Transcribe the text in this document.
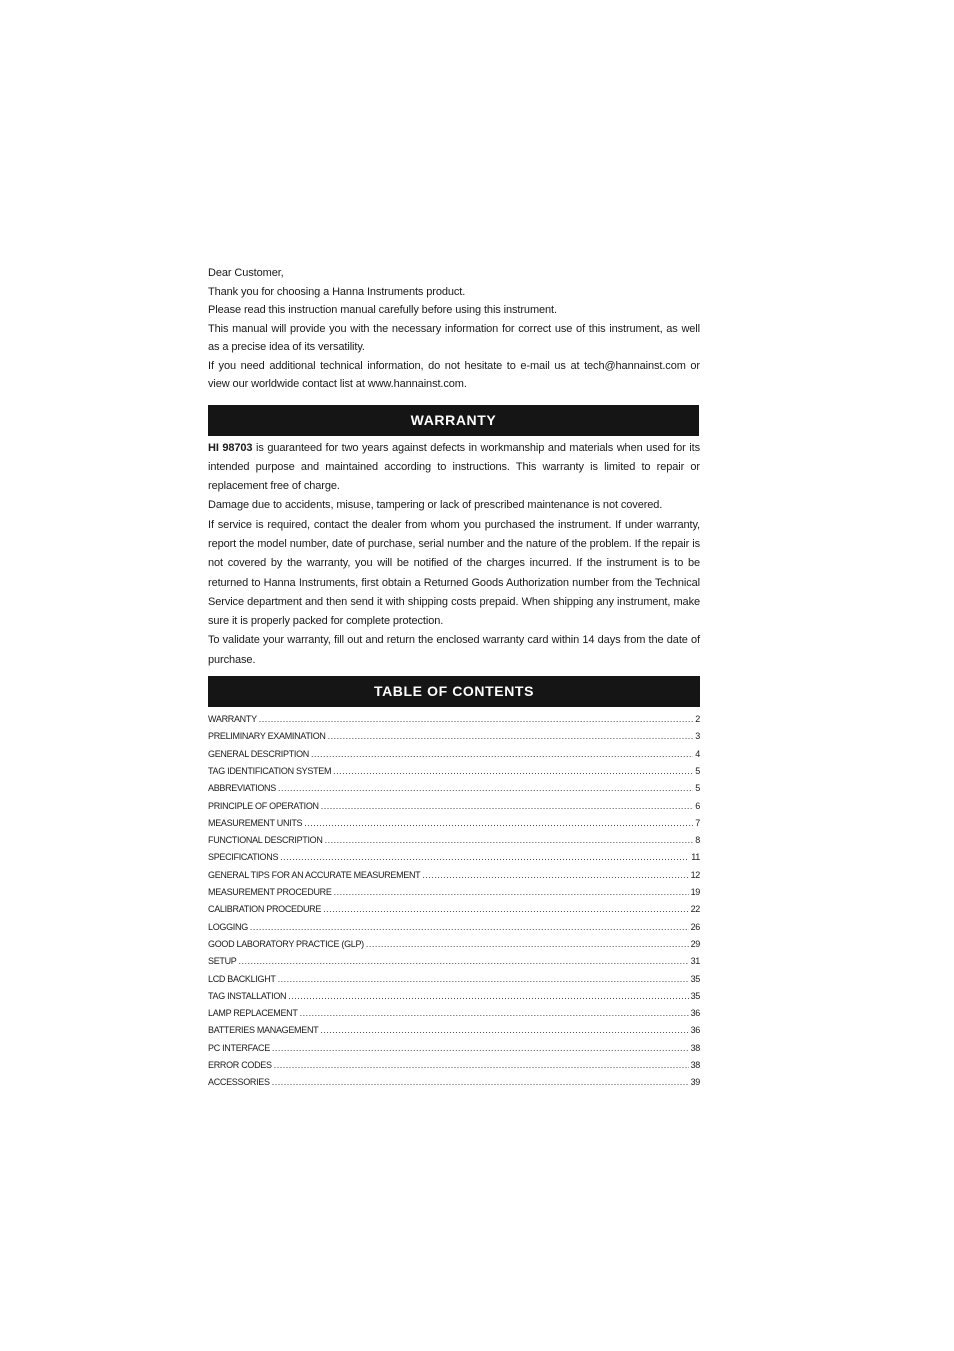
Dear Customer,

Thank you for choosing a Hanna Instruments product.

Please read this instruction manual carefully before using this instrument.

This manual will provide you with the necessary information for correct use of this instrument, as well as a precise idea of its versatility.

If you need additional technical information, do not hesitate to e-mail us at tech@hannainst.com or view our worldwide contact list at www.hannainst.com.

WARRANTY

HI 98703 is guaranteed for two years against defects in workmanship and materials when used for its intended purpose and maintained according to instructions. This warranty is limited to repair or replacement free of charge.

Damage due to accidents, misuse, tampering or lack of prescribed maintenance is not covered.

If service is required, contact the dealer from whom you purchased the instrument. If under warranty, report the model number, date of purchase, serial number and the nature of the problem. If the repair is not covered by the warranty, you will be notified of the charges incurred. If the instrument is to be returned to Hanna Instruments, first obtain a Returned Goods Authorization number from the Technical Service department and then send it with shipping costs prepaid. When shipping any instrument, make sure it is properly packed for complete protection.

To validate your warranty, fill out and return the enclosed warranty card within 14 days from the date of purchase.

TABLE OF CONTENTS
WARRANTY .....	2
PRELIMINARY EXAMINATION .....	3
GENERAL DESCRIPTION .....	4
TAG IDENTIFICATION SYSTEM .....	5
ABBREVIATIONS .....	5
PRINCIPLE OF OPERATION .....	6
MEASUREMENT UNITS .....	7
FUNCTIONAL DESCRIPTION .....	8
SPECIFICATIONS .....	11
GENERAL TIPS FOR AN ACCURATE MEASUREMENT .....	12
MEASUREMENT PROCEDURE .....	19
CALIBRATION PROCEDURE .....	22
LOGGING .....	26
GOOD LABORATORY PRACTICE (GLP) .....	29
SETUP .....	31
LCD BACKLIGHT .....	35
TAG INSTALLATION .....	35
LAMP REPLACEMENT .....	36
BATTERIES MANAGEMENT .....	36
PC INTERFACE .....	38
ERROR CODES .....	38
ACCESSORIES .....	39
